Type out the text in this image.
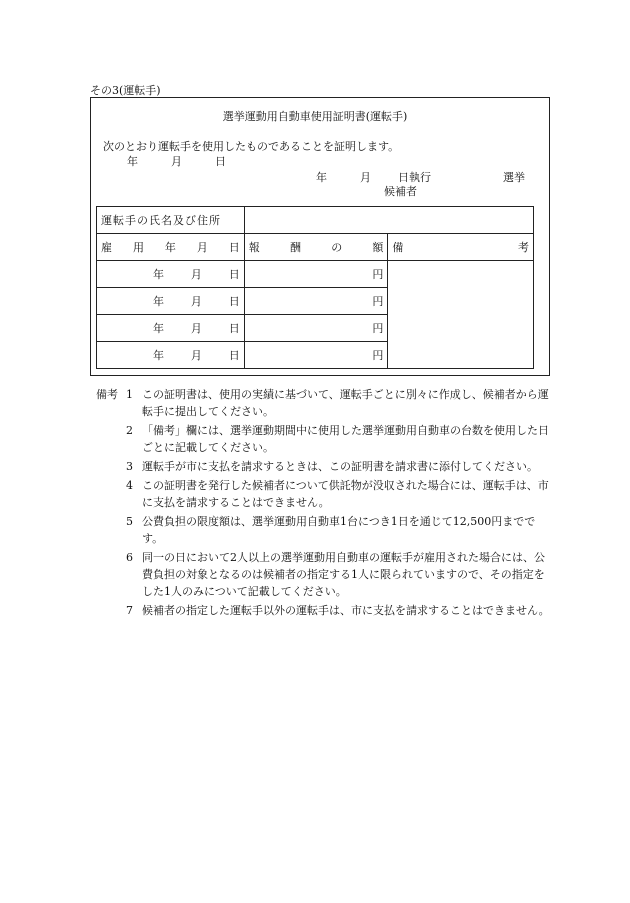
その3(運転手)
選挙運動用自動車使用証明書(運転手)
次のとおり運転手を使用したものであることを証明します。
年	月	日
年	月 日執行	選挙
候補者
運転手の氏名及び住所		

雇 用 年 月 日	報 酬 の 額	備 考

年 月 日	円	

年 月 日	円	

年 月 日	円	

年 月 日	円	
備考 1 この証明書は、使用の実績に基づいて、運転手ごとに別々に作成し、候補者から運転手に提出してください。
2 「備考」欄には、選挙運動期間中に使用した選挙運動用自動車の台数を使用した日ごとに記載してください。
3 運転手が市に支払を請求するときは、この証明書を請求書に添付してください。
4 この証明書を発行した候補者について供託物が没収された場合には、運転手は、市に支払を請求することはできません。
5 公費負担の限度額は、選挙運動用自動車1台につき1日を通じて12,500円までです。
6 同一の日において2人以上の選挙運動用自動車の運転手が雇用された場合には、公費負担の対象となるのは候補者の指定する1人に限られていますので、その指定をした1人のみについて記載してください。
7 候補者の指定した運転手以外の運転手は、市に支払を請求することはできません。
